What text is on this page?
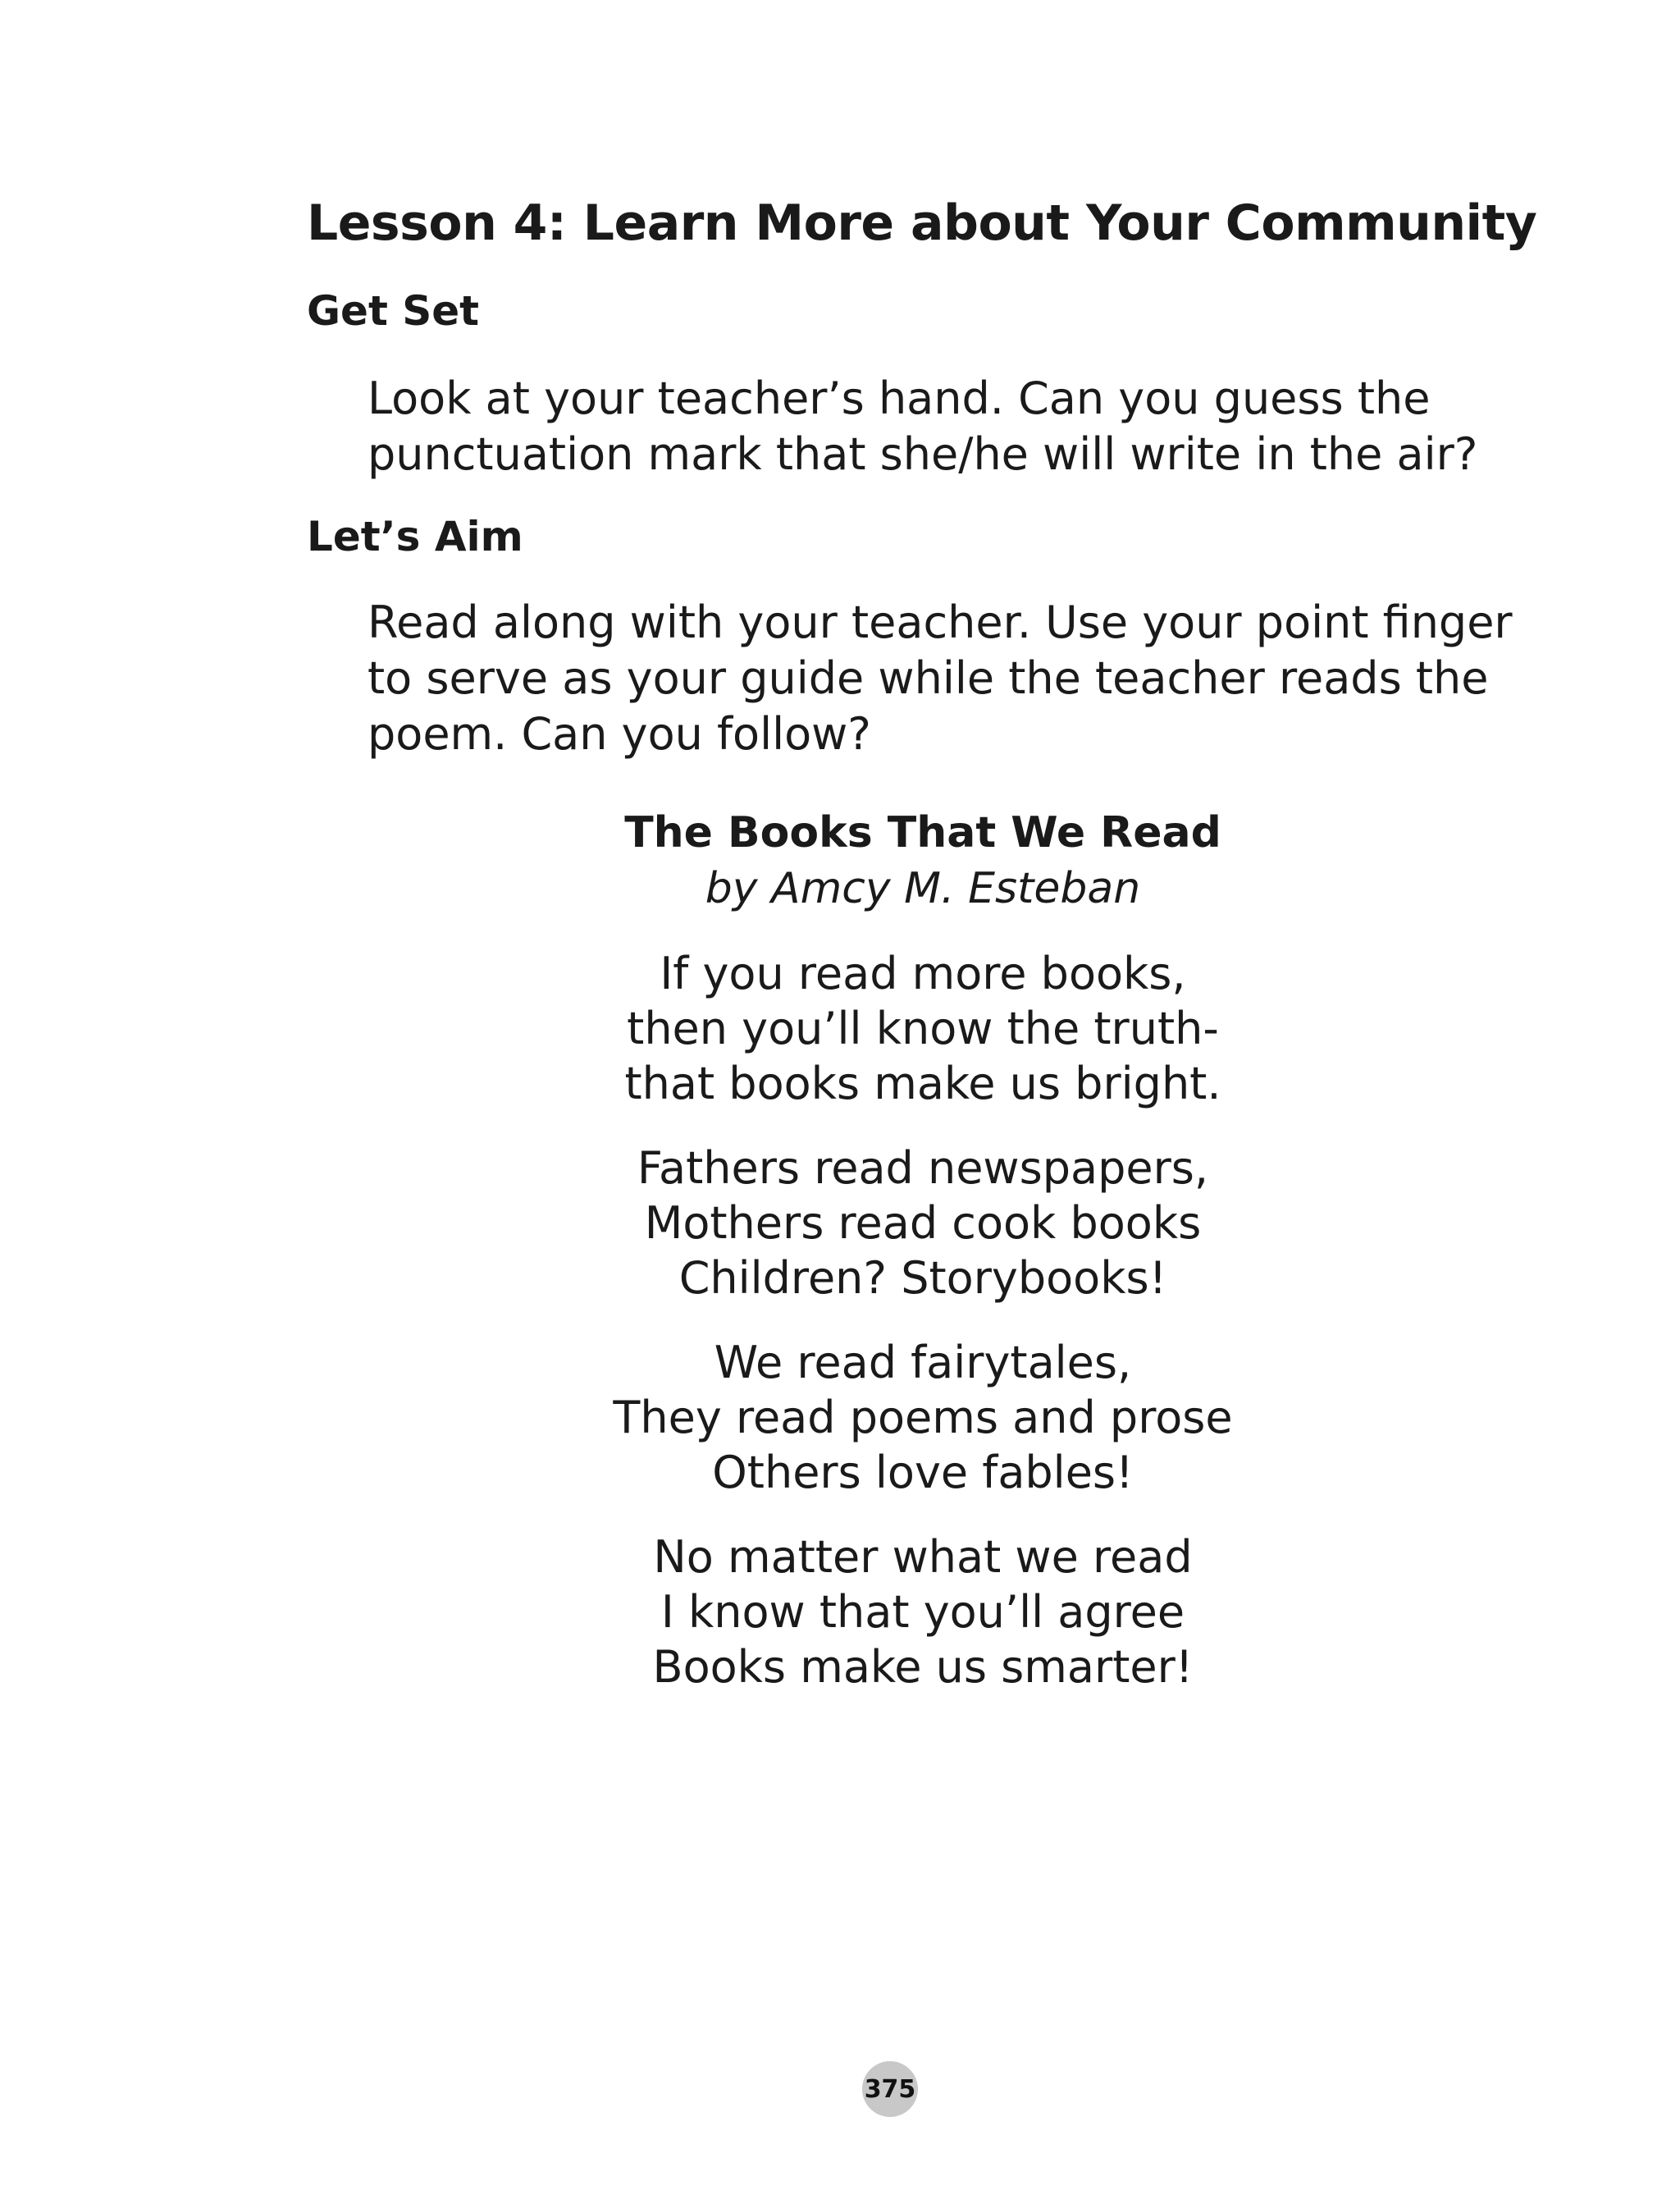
Lesson 4: Learn More about Your Community
Get Set

Look at your teacher’s hand. Can you guess the punctuation mark that she/he will write in the air?

Let’s Aim

Read along with your teacher. Use your point finger to serve as your guide while the teacher reads the poem. Can you follow?

The Books That We Read

by Amcy M. Esteban

If you read more books,
then you’ll know the truth-
that books make us bright.

Fathers read newspapers,
Mothers read cook books
Children? Storybooks!

We read fairytales,
They read poems and prose
Others love fables!

No matter what we read
I know that you’ll agree
Books make us smarter!

375
